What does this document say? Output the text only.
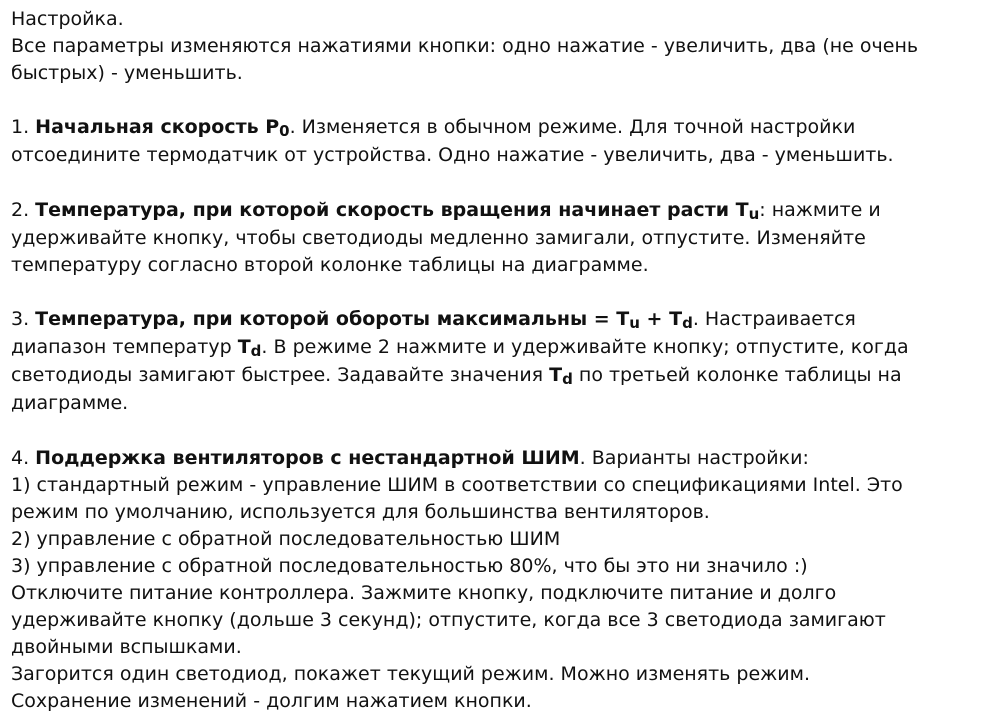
Настройка.
Все параметры изменяются нажатиями кнопки: одно нажатие - увеличить, два (не очень
быстрых) - уменьшить.
1. Начальная скорость P0. Изменяется в обычном режиме. Для точной настройки
отсоедините термодатчик от устройства. Одно нажатие - увеличить, два - уменьшить.
2. Температура, при которой скорость вращения начинает расти Tu: нажмите и
удерживайте кнопку, чтобы светодиоды медленно замигали, отпустите. Изменяйте
температуру согласно второй колонке таблицы на диаграмме.
3. Температура, при которой обороты максимальны = Tu + Td. Настраивается
диапазон температур Td. В режиме 2 нажмите и удерживайте кнопку; отпустите, когда
светодиоды замигают быстрее. Задавайте значения Td по третьей колонке таблицы на
диаграмме.
4. Поддержка вентиляторов с нестандартной ШИМ. Варианты настройки:
1) стандартный режим - управление ШИМ в соответствии со спецификациями Intel. Это
режим по умолчанию, используется для большинства вентиляторов.
2) управление с обратной последовательностью ШИМ
3) управление с обратной последовательностью 80%, что бы это ни значило :)
Отключите питание контроллера. Зажмите кнопку, подключите питание и долго
удерживайте кнопку (дольше 3 секунд); отпустите, когда все 3 светодиода замигают
двойными вспышками.
Загорится один светодиод, покажет текущий режим. Можно изменять режим.
Сохранение изменений - долгим нажатием кнопки.
